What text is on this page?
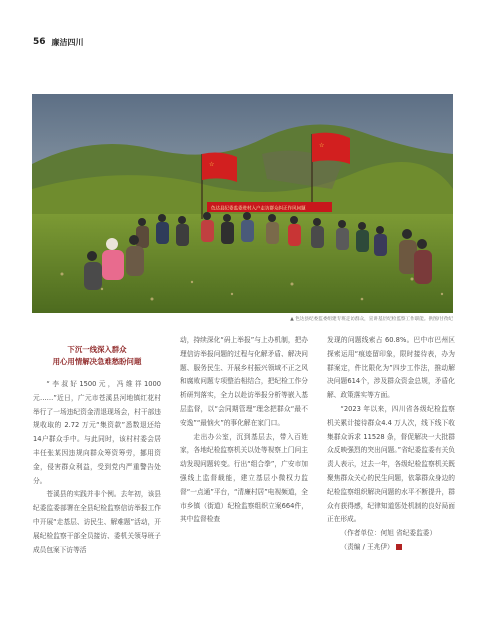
56 廉洁四川
☆
☆
色达县纪委监委进村入户走访群众纠正作风问题
▲ 色达县纪委监委组建专班走访群众，宣讲基层纪检监察工作职能。供图/甘孜纪
下沉一线深入群众
用心用情解决急难愁盼问题

“李叔好1500元，冯维祥1000元……”近日，广元市苍溪县河地镇红花村举行了一场违纪资金清退现场会，村干部违规收取的 2.72 万元“集资款”悉数退还给14户群众手中。与此同时，该村村委会居丰任张某因违规向群众筹资筹劳，挪用资金，侵害群众利益，受到党内严重警告处分。

苍溪县的实践并非个例。去年初，该县纪委监委部署在全县纪检监察信访举报工作中开展“走基层、访民生、解难题”活动，开展纪检监察干部全员接访、委机关领导班子成员包案下访等活

动，持续深化“码上举报”与上办机制，把办理信访举报问题的过程与化解矛盾、解决问题、服务民生、开展乡村振兴领域不正之风和腐败问题专项整治相结合，把纪检工作分析研判落实，全力以赴访举报分析等嵌入基层监督，以“会同期管理”理念把群众“最不安逸”“最恼火”的事化解在家门口。

走出办公室，沉到基层去，带入百姓家，各地纪检监察机关以处等视察上门问主动发现问题转变。行出“组合拳”，广安市加强线上监督载能，建立基层小微权力监督“一点通”平台，“清廉村居”电视频道，全市乡镇（街道）纪检监察组织立案664件，其中监督检查

发现的问题线索占 60.8%。巴中市巴州区探索运用“痕迹留印象，限时接待表，办为群案定，件比限化为”四步工作法，推动解决问题614个，涉及群众资金总规，矛盾化解、政策落实等方面。

“2023 年以来，四川省各级纪检监察机关累计接待群众4.4 万人次，线下线下收集群众诉求 11528 条，督促解决一大批群众反映强烈的突出问题。”省纪委监委有关负责人表示，过去一年，各级纪检监察机关既聚焦群众关心的民生问题，依靠群众身边的纪检监察组织解决问题的水平不断提升，群众有获得感，纪律知道惩处机制的良好局面正在形成。

（作者单位：何旭 省纪委监委）

（责编 / 王兆伊）
